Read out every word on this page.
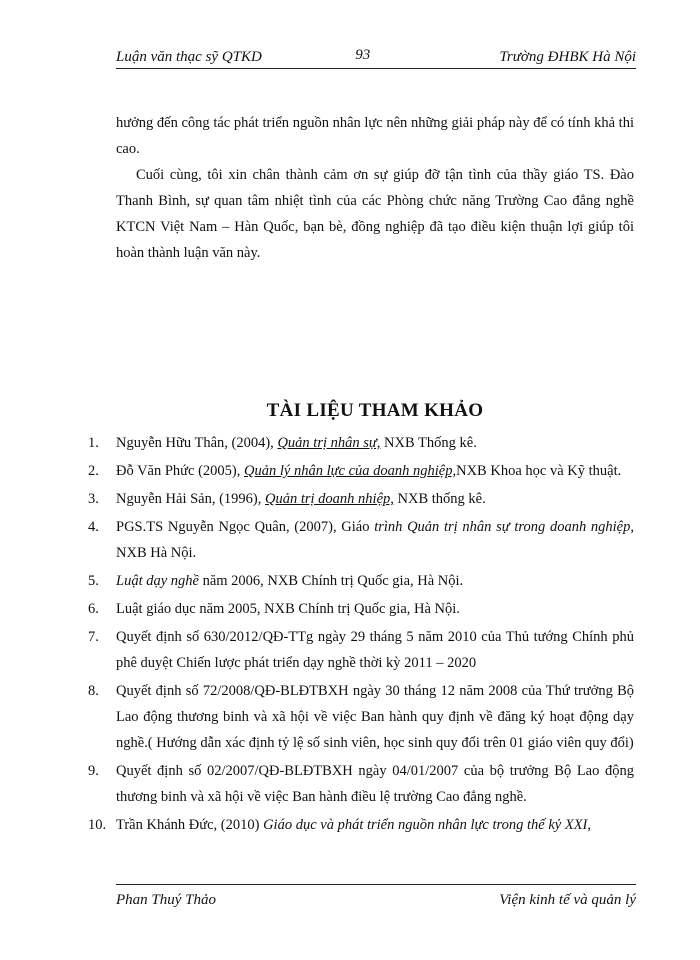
Luận văn thạc sỹ QTKD	93	Trường ĐHBK Hà Nội

hưởng đến công tác phát triển nguồn nhân lực nên những giải pháp này để có tính khả thi cao.

Cuối cùng, tôi xin chân thành cảm ơn sự giúp đỡ tận tình của thầy giáo TS. Đào Thanh Bình, sự quan tâm nhiệt tình của các Phòng chức năng Trường Cao đẳng nghề KTCN Việt Nam – Hàn Quốc, bạn bè, đồng nghiệp đã tạo điều kiện thuận lợi giúp tôi hoàn thành luận văn này.

TÀI LIỆU THAM KHẢO
1. Nguyễn Hữu Thân, (2004), Quản trị nhân sự, NXB Thống kê.
2. Đỗ Văn Phức (2005), Quản lý nhân lực của doanh nghiệp,NXB Khoa học và Kỹ thuật.
3. Nguyễn Hải Sản, (1996), Quản trị doanh nhiệp, NXB thống kê.
4. PGS.TS Nguyễn Ngọc Quân, (2007), Giáo trình Quản trị nhân sự trong doanh nghiệp, NXB Hà Nội.
5. Luật dạy nghề năm 2006, NXB Chính trị Quốc gia, Hà Nội.
6. Luật giáo dục năm 2005, NXB Chính trị Quốc gia, Hà Nội.
7. Quyết định số 630/2012/QĐ-TTg ngày 29 tháng 5 năm 2010 của Thủ tướng Chính phủ phê duyệt Chiến lược phát triển dạy nghề thời kỳ 2011 – 2020
8. Quyết định số 72/2008/QĐ-BLĐTBXH ngày 30 tháng 12 năm 2008 của Thứ trưởng Bộ Lao động thương binh và xã hội về việc Ban hành quy định về đăng ký hoạt động dạy nghề.( Hướng dẫn xác định tỷ lệ số sinh viên, học sinh quy đổi trên 01 giáo viên quy đổi)
9. Quyết định số 02/2007/QĐ-BLĐTBXH ngày 04/01/2007 của bộ trưởng Bộ Lao động thương binh và xã hội về việc Ban hành điều lệ trường Cao đẳng nghề.
10. Trần Khánh Đức, (2010) Giáo dục và phát triển nguồn nhân lực trong thế kỷ XXI,
Phan Thuý Thảo	Viện kinh tế và quản lý
